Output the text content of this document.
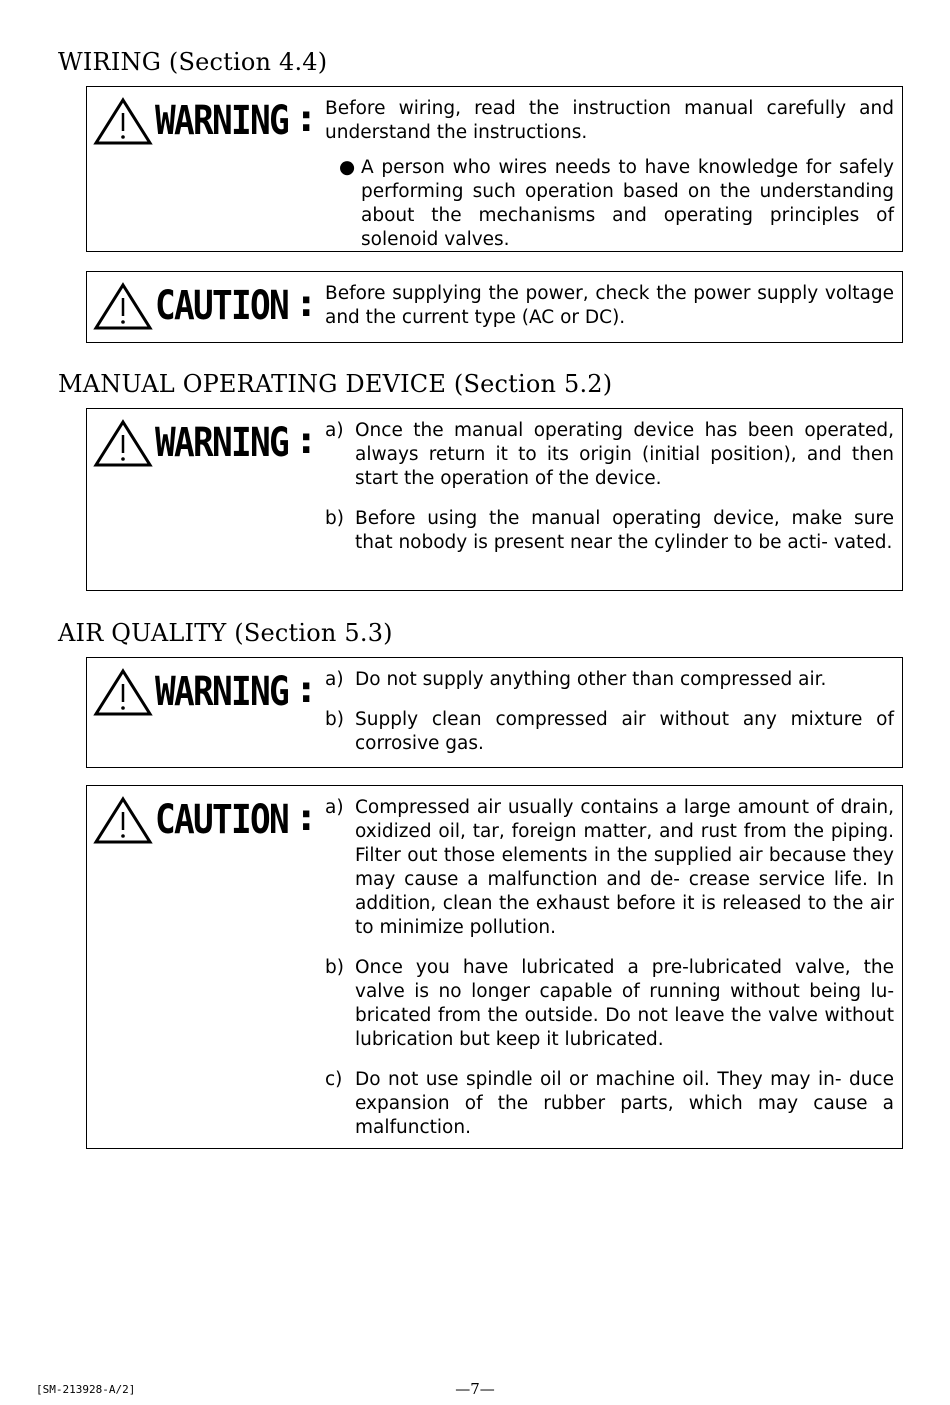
WIRING (Section 4.4)
WARNING : Before wiring, read the instruction manual carefully and understand the instructions.

● A person who wires needs to have knowledge for safely performing such operation based on the understanding about the mechanisms and operating principles of solenoid valves.
CAUTION : Before supplying the power, check the power supply voltage and the current type (AC or DC).

MANUAL OPERATING DEVICE (Section 5.2)
WARNING : a) Once the manual operating device has been operated, always return it to its origin (initial position), and then start the operation of the device.
b) Before using the manual operating device, make sure that nobody is present near the cylinder to be acti- vated.
AIR QUALITY (Section 5.3)
WARNING : a) Do not supply anything other than compressed air.
b) Supply clean compressed air without any mixture of corrosive gas.
CAUTION : a) Compressed air usually contains a large amount of drain, oxidized oil, tar, foreign matter, and rust from the piping. Filter out those elements in the supplied air because they may cause a malfunction and de- crease service life. In addition, clean the exhaust before it is released to the air to minimize pollution.
b) Once you have lubricated a pre-lubricated valve, the valve is no longer capable of running without being lu- bricated from the outside. Do not leave the valve without lubrication but keep it lubricated.
c) Do not use spindle oil or machine oil. They may in- duce expansion of the rubber parts, which may cause a malfunction.
[SM-213928-A/2]	—7—
